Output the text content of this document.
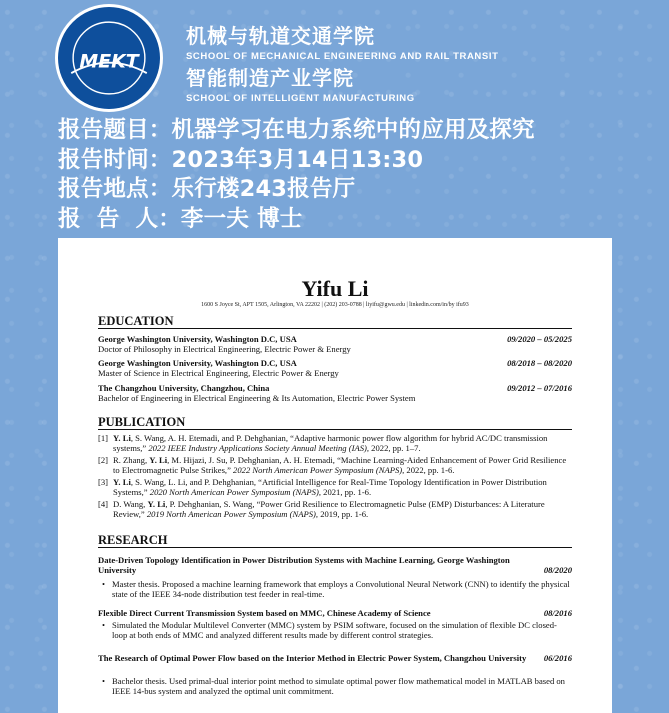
MEKT
机械与轨道交通学院
SCHOOL OF MECHANICAL ENGINEERING AND RAIL TRANSIT
智能制造产业学院
SCHOOL OF INTELLIGENT MANUFACTURING
报告题目：机器学习在电力系统中的应用及探究
报告时间：2023年3月14日13:30
报告地点：乐行楼243报告厅
报  告  人：李一夫 博士
Yifu Li
1600 S Joyce St, APT 1505, Arlington, VA 22202 | (202) 203-0788 | liyifu@gwu.edu | linkedin.com/in/by ifu93
EDUCATION
George Washington University, Washington D.C, USA	09/2020 – 05/2025
Doctor of Philosophy in Electrical Engineering, Electric Power & Energy
George Washington University, Washington D.C, USA	08/2018 – 08/2020
Master of Science in Electrical Engineering, Electric Power & Energy
The Changzhou University, Changzhou, China	09/2012 – 07/2016
Bachelor of Engineering in Electrical Engineering & Its Automation, Electric Power System
PUBLICATION
[1] Y. Li, S. Wang, A. H. Etemadi, and P. Dehghanian, “Adaptive harmonic power flow algorithm for hybrid AC/DC transmission systems,” 2022 IEEE Industry Applications Society Annual Meeting (IAS), 2022, pp. 1–7.
[2] R. Zhang, Y. Li, M. Hijazi, J. Su, P. Dehghanian, A. H. Etemadi, “Machine Learning-Aided Enhancement of Power Grid Resilience to Electromagnetic Pulse Strikes,” 2022 North American Power Symposium (NAPS), 2022, pp. 1-6.
[3] Y. Li, S. Wang, L. Li, and P. Dehghanian, “Artificial Intelligence for Real-Time Topology Identification in Power Distribution Systems,” 2020 North American Power Symposium (NAPS), 2021, pp. 1-6.
[4] D. Wang, Y. Li, P. Dehghanian, S. Wang, “Power Grid Resilience to Electromagnetic Pulse (EMP) Disturbances: A Literature Review,” 2019 North American Power Symposium (NAPS), 2019, pp. 1-6.
RESEARCH
Date-Driven Topology Identification in Power Distribution Systems with Machine Learning, George Washington University	08/2020
• Master thesis. Proposed a machine learning framework that employs a Convolutional Neural Network (CNN) to identify the physical state of the IEEE 34-node distribution test feeder in real-time.
Flexible Direct Current Transmission System based on MMC, Chinese Academy of Science	08/2016
• Simulated the Modular Multilevel Converter (MMC) system by PSIM software, focused on the simulation of flexible DC closed-loop at both ends of MMC and analyzed different results made by different control strategies.
The Research of Optimal Power Flow based on the Interior Method in Electric Power System, Changzhou University	06/2016
• Bachelor thesis. Used primal-dual interior point method to simulate optimal power flow mathematical model in MATLAB based on IEEE 14-bus system and analyzed the optimal unit commitment.
